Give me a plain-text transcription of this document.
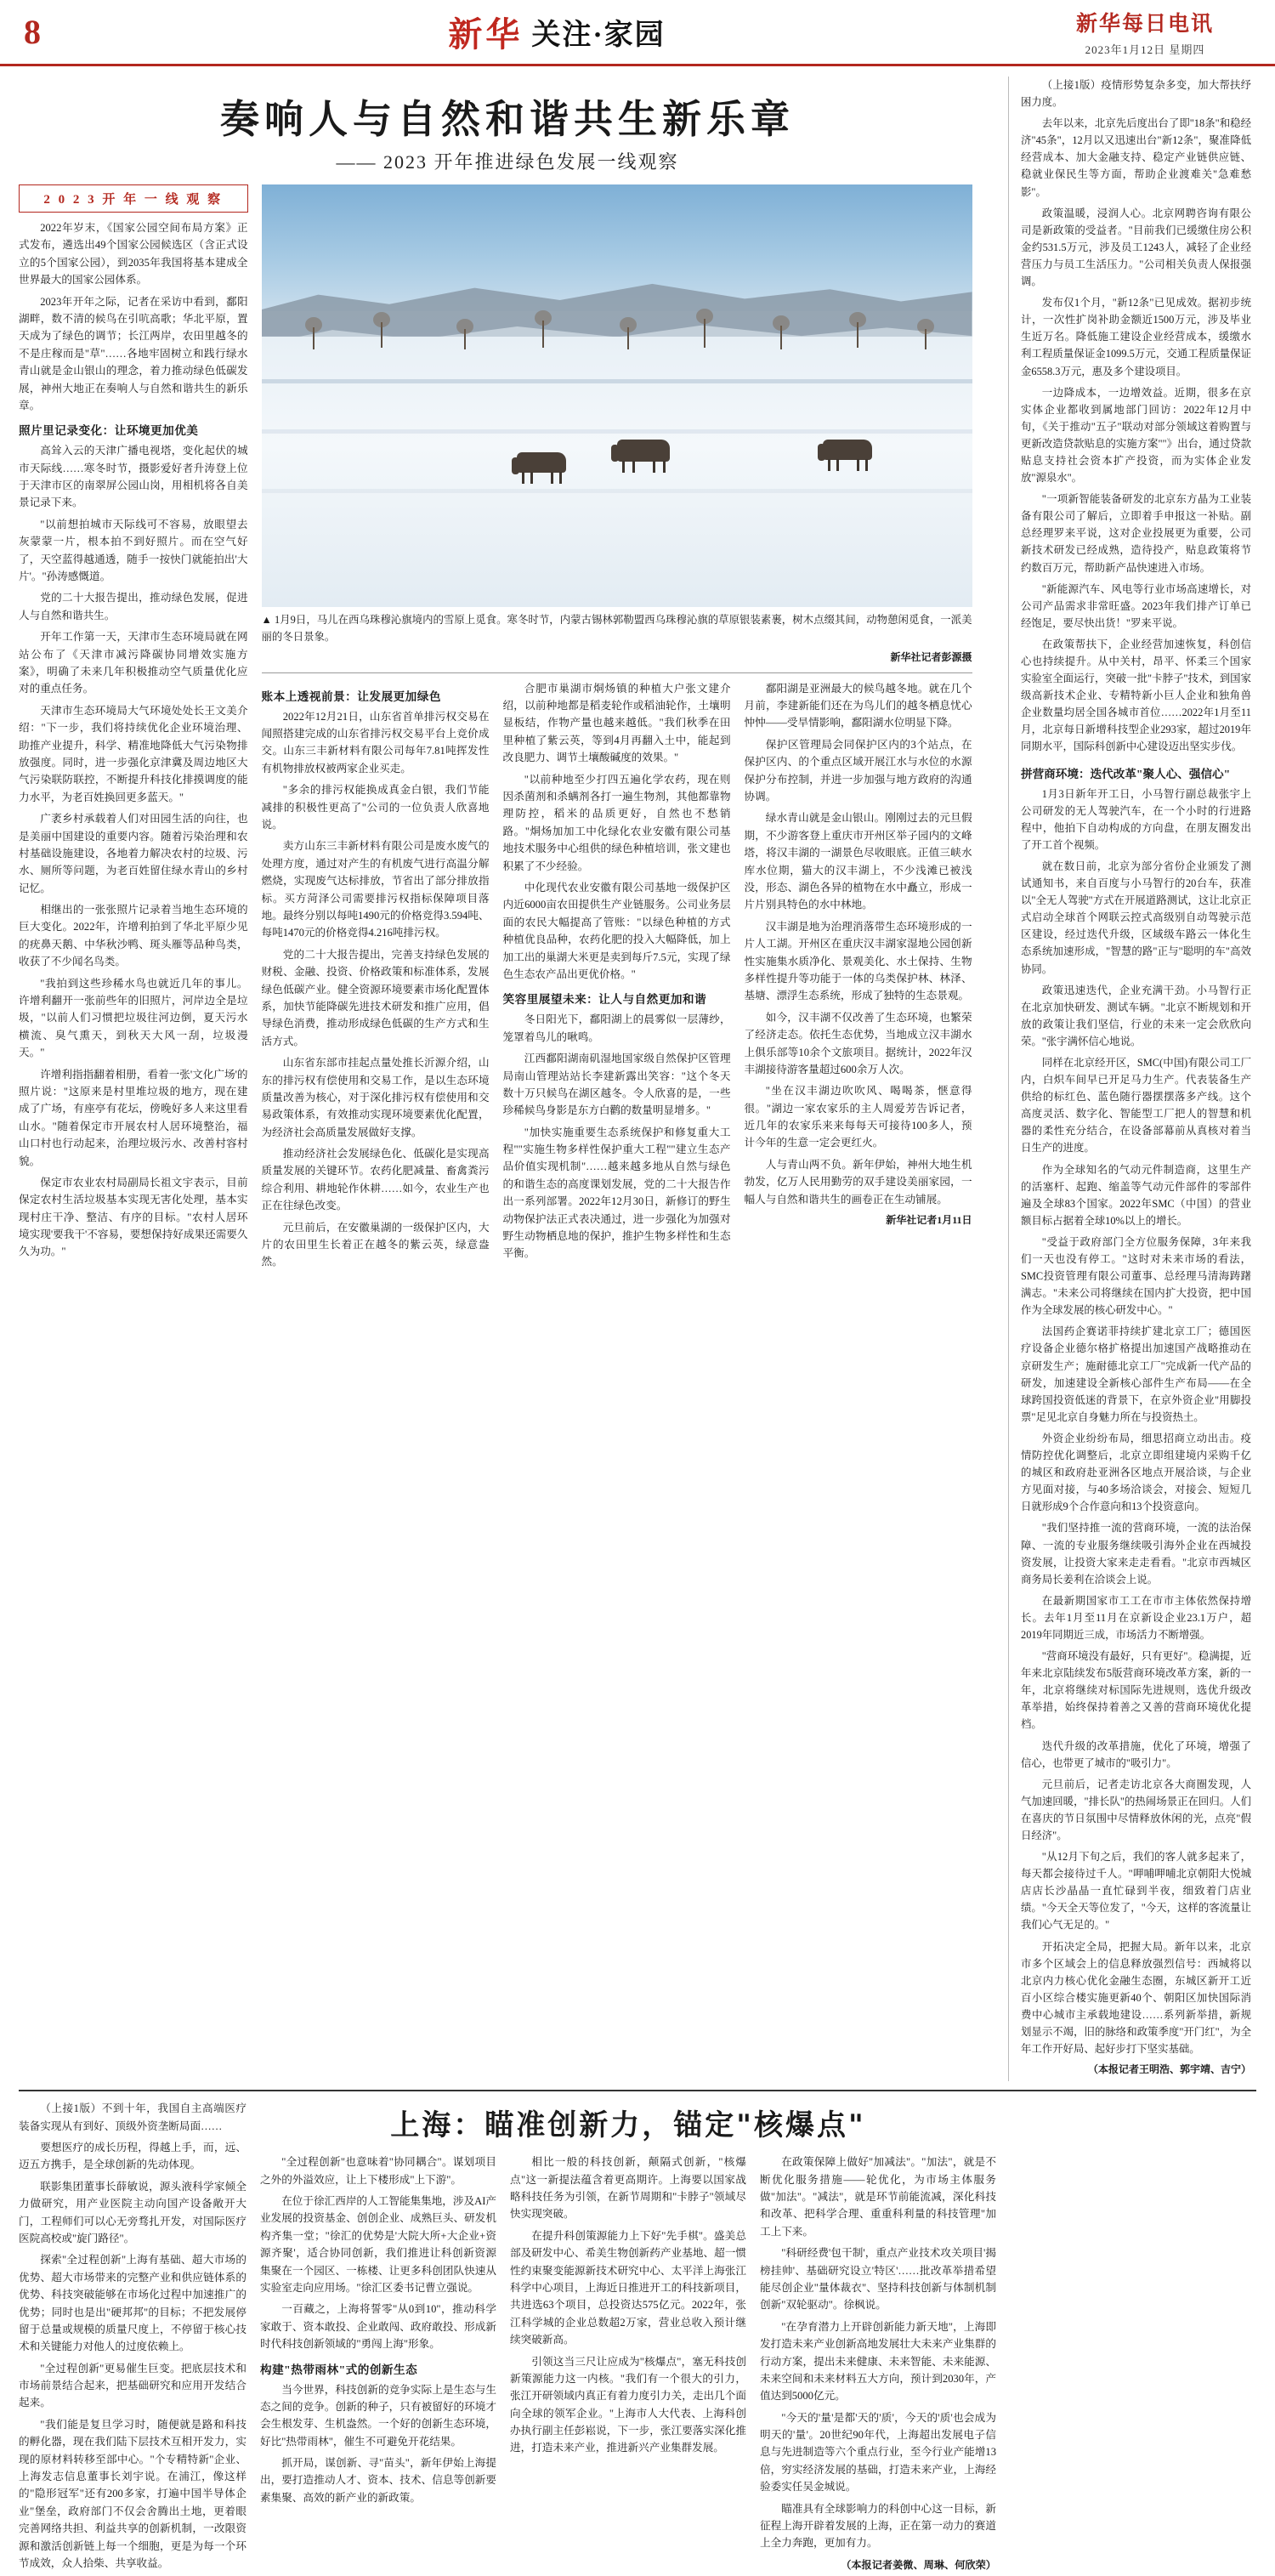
8	新华 关注·家园	新华每日电讯
2023年1月12日 星期四
奏响人与自然和谐共生新乐章
—— 2023 开年推进绿色发展一线观察
2 0 2 3 开 年 一 线 观 察

2022年岁末，《国家公园空间布局方案》正式发布，遴选出49个国家公园候选区（含正式设立的5个国家公园），到2035年我国将基本建成全世界最大的国家公园体系。

2023年开年之际，记者在采访中看到，鄱阳湖畔，数不清的候鸟在引吭高歌；华北平原，置天成为了绿色的调节；长江两岸，农田里越冬的不是庄稼而是"草"……各地牢固树立和践行绿水青山就是金山银山的理念，着力推动绿色低碳发展，神州大地正在奏响人与自然和谐共生的新乐章。

照片里记录变化：让环境更加优美

高耸入云的天津广播电视塔，变化起伏的城市天际线……寒冬时节，摄影爱好者升涛登上位于天津市区的南翠屏公园山岗，用相机将各自美景记录下来。

"以前想拍城市天际线可不容易，放眼望去灰蒙蒙一片，根本拍不到好照片。而在空气好了，天空蓝得越通透，随手一按快门就能拍出'大片'。"孙涛感慨道。

党的二十大报告提出，推动绿色发展，促进人与自然和谐共生。

开年工作第一天，天津市生态环境局就在网站公布了《天津市减污降碳协同增效实施方案》，明确了未来几年积极推动空气质量优化应对的重点任务。

天津市生态环境局大气环境处处长王文美介绍："下一步，我们将持续优化企业环境治理、助推产业提升，科学、精准地降低大气污染物排放强度。同时，进一步强化京津冀及周边地区大气污染联防联控，不断提升科技化排摸调度的能力水平，为老百姓换回更多蓝天。"

广袤乡村承载着人们对田园生活的向往，也是美丽中国建设的重要内容。随着污染治理和农村基础设施建设，各地着力解决农村的垃圾、污水、厕所等问题，为老百姓留住绿水青山的乡村记忆。

相继出的一张张照片记录着当地生态环境的巨大变化。2022年，许增利拍到了华北平原少见的疣鼻天鹅、中华秋沙鸭、斑头雁等品种鸟类，收获了不少闻名鸟类。

"我拍到这些珍稀水鸟也就近几年的事儿。许增利翻开一张前些年的旧照片，河岸边全是垃圾，"以前人们习惯把垃圾往河边倒，夏天污水横流、臭气熏天，到秋天大风一刮，垃圾漫天。"

许增利指指翻着相册，看着一张'文化广场'的照片说："这原来是村里堆垃圾的地方，现在建成了广场，有座亭有花坛，傍晚好多人来这里看山水。"随着保定市开展农村人居环境整治，福山口村也行动起来，治理垃圾污水、改善村容村貌。

保定市农业农村局副局长祖文宇表示，目前保定农村生活垃圾基本实现无害化处理，基本实现村庄干净、整洁、有序的目标。"农村人居环境实现'要我干'不容易，要想保持好成果还需要久久为功。"

▲ 1月9日，马儿在西乌珠穆沁旗境内的雪原上觅食。寒冬时节，内蒙古锡林郭勒盟西乌珠穆沁旗的草原银装素裹，树木点缀其间，动物憩闲觅食，一派美丽的冬日景象。
新华社记者彭源摄
账本上透视前景：让发展更加绿色

2022年12月21日，山东省首单排污权交易在闻照搭建完成的山东省排污权交易平台上竞价成交。山东三丰新材料有限公司每年7.81吨挥发性有机物排放权被两家企业买走。

"多余的排污权能换成真金白银，我们节能减排的积极性更高了"公司的一位负责人欣喜地说。

卖方山东三丰新材料有限公司是废水废气的处理方度，通过对产生的有机废气进行高温分解燃烧，实现废气达标排放，节省出了部分排放指标。买方菏泽公司需要排污权指标保障项目落地。最终分别以每吨1490元的价格竞得3.594吨、每吨1470元的价格竞得4.216吨排污权。

党的二十大报告提出，完善支持绿色发展的财税、金融、投资、价格政策和标准体系，发展绿色低碳产业。健全资源环境要素市场化配置体系，加快节能降碳先进技术研发和推广应用，倡导绿色消费，推动形成绿色低碳的生产方式和生活方式。

山东省东部市挂起点量处推长沂源介绍，山东的排污权有偿使用和交易工作，是以生态环境质量改善为核心，对于深化排污权有偿使用和交易政策体系，有效推动实现环境要素优化配置，为经济社会高质量发展做好支撑。

推动经济社会发展绿色化、低碳化是实现高质量发展的关键环节。农药化肥减量、畜禽粪污综合利用、耕地轮作休耕……如今，农业生产也正在往绿色改变。

元旦前后，在安徽巢湖的一级保护区内，大片的农田里生长着正在越冬的紫云英，绿意盎然。

合肥市巢湖市烔炀镇的种植大户张文建介绍，以前种地都是稻麦轮作或稻油轮作，土壤明显板结，作物产量也越来越低。"我们秋季在田里种植了紫云英，等到4月再翻入土中，能起到改良肥力、调节土壤酸碱度的效果。"

"以前种地至少打四五遍化学农药，现在则因杀菌剂和杀螨剂各打一遍生物剂，其他都靠物理防控，稻米的品质更好，自然也不愁销路。"烔炀加加工中化绿化农业安徽有限公司基地技术服务中心组供的绿色种植培训，张文建也积累了不少经验。

中化现代农业安徽有限公司基地一级保护区内近6000亩农田提供生产业链服务。公司业务层面的农民大幅提高了管账："以绿色种植的方式种植优良品种，农药化肥的投入大幅降低，加上加工出的巢湖大米更是卖到每斤7.5元，实现了绿色生态农产品出更优价格。"

笑容里展望未来：让人与自然更加和谐

冬日阳光下，鄱阳湖上的晨雾似一层薄纱，笼罩着鸟儿的啾鸣。

江西鄱阳湖南矶湿地国家级自然保护区管理局南山管理站站长李建新露出笑容："这个冬天数十万只候鸟在湖区越冬。令人欣喜的是，一些珍稀候鸟身影是东方白鹳的数量明显增多。"

"加快实施重要生态系统保护和修复重大工程""实施生物多样性保护重大工程""建立生态产品价值实现机制"……越来越多地从自然与绿色的和谐生态的高度课划发展，党的二十大报告作出一系列部署。2022年12月30日，新修订的野生动物保护法正式表决通过，进一步强化为加强对野生动物栖息地的保护，推护生物多样性和生态平衡。

鄱阳湖是亚洲最大的候鸟越冬地。就在几个月前，李建新能们还在为鸟儿们的越冬栖息忧心忡忡——受旱情影响，鄱阳湖水位明显下降。

保护区管理局会同保护区内的3个站点，在保护区内、的个重点区域开展江水与水位的水源保护分布控制，并进一步加强与地方政府的沟通协调。

绿水青山就是金山银山。刚刚过去的元旦假期，不少游客登上重庆市开州区举子园内的文峰塔，将汉丰湖的一湖景色尽收眼底。正值三峡水库水位期，猫大的汉丰湖上，不少浅滩已被浅没，形态、湖色各异的植物在水中矗立，形成一片片别具特色的水中林地。

汉丰湖是地为治理消落带生态环境形成的一片人工湖。开州区在重庆汉丰湖家湿地公园创新性实施集水质净化、景观美化、水土保持、生物多样性提升等功能于一体的乌类保护林、林泽、基塘、漂浮生态系统，形成了独特的生态景观。

如今，汉丰湖不仅改善了生态环境，也繁荣了经济走态。依托生态优势，当地成立汉丰湖水上俱乐部等10余个文旅项目。据统计，2022年汉丰湖接待游客量超过600余万人次。

"坐在汉丰湖边吹吹风、喝喝茶，惬意得很。"湖边一家农家乐的主人周爱芳告诉记者，近几年的农家乐来来每每天可接待100多人，预计今年的生意一定会更红火。

人与青山两不负。新年伊始，神州大地生机勃发，亿万人民用勤劳的双手建设美丽家园，一幅人与自然和谐共生的画卷正在生动铺展。

新华社记者1月11日

（上接1版）疫情形势复杂多变，加大帮扶纾困力度。

去年以来，北京先后度出台了即"18条"和稳经济"45条"，12月以又迅速出台"新12条"，聚准降低经营成本、加大金融支持、稳定产业链供应链、稳就业保民生等方面，帮助企业渡难关"急难愁影"。

政策温暖，浸润人心。北京网聘咨询有限公司是新政策的受益者。"目前我们已缓缴住房公积金约531.5万元，涉及员工1243人，减轻了企业经营压力与员工生活压力。"公司相关负责人保报强调。

发布仅1个月，"新12条"已见成效。据初步统计，一次性扩岗补助金额近1500万元，涉及毕业生近万名。降低施工建设企业经营成本，缓缴水利工程质量保证金1099.5万元，交通工程质量保证金6558.3万元，惠及多个建设项目。

一边降成本，一边增效益。近期，很多在京实体企业都收到属地部门回访：2022年12月中旬，《关于推动"五子"联动对部分领域这着购置与更新改造贷款贴息的实施方案""》出台，通过贷款贴息支持社会资本扩产投资，而为实体企业发放"源泉水"。

"一项新智能装备研发的北京东方晶为工业装备有限公司了解后，立即着手申报这一补贴。副总经理罗来平说，这对企业投展更为重要，公司新技术研发已经成熟，造待投产，贴息政策将节约数百万元，帮助新产品快速进入市场。

"新能源汽车、风电等行业市场高速增长，对公司产品需求非常旺盛。2023年我们排产订单已经饱足，要尽快出货！"罗来平说。

在政策帮扶下，企业经营加速恢复，科创信心也持续提升。从中关村，昂平、怀柔三个国家实验室全面运行，突破一批"卡脖子"技术，到国家级高新技术企业、专精特新小巨人企业和独角兽企业数量均居全国各城市首位……2022年1月至11月，北京每日新增科技型企业293家，超过2019年同期水平，国际科创新中心建设迈出坚实步伐。

拼营商环境：迭代改革"聚人心、强信心"

1月3日新年开工日，小马智行副总裁张宇上公司研发的无人驾驶汽车，在一个小时的行进路程中，他拍下自动构成的方向盘，在朋友圈发出了开工首个视频。

就在数日前，北京为部分省份企业颁发了测试通知书，来自百度与小马智行的20台车，获准以"全无人驾驶"方式在开展道路测试，这让北京正式启动全球首个网联云控式高级别自动驾驶示范区建设，经过迭代升级，区域级车路云一体化生态系统加速形成，"智慧的路"正与"聪明的车"高效协同。

政策迅速迭代，企业充满干劲。小马智行正在北京加快研发、测试车辆。"北京不断规划和开放的政策让我们坚信，行业的未来一定会欣欣向荣。"张宇满怀信心地说。

同样在北京经开区，SMC(中国)有限公司工厂内，白炽车间早已开足马力生产。代表装备生产供给的标红色、蓝色随行器摆摆落多产线。这个高度灵活、数字化、智能型工厂把人的智慧和机器的柔性充分结合，在设备部幕前从真核对着当日生产的进度。

作为全球知名的气动元件制造商，这里生产的活塞杆、起跑、缩盖等气动元件部件的零部件遍及全球83个国家。2022年SMC（中国）的营业额目标占据着全球10%以上的增长。

"受益于政府部门全方位服务保障，3年来我们一天也没有停工。"这时对未来市场的看法，SMC投资管理有限公司董事、总经理马清海踌躇满志。"未来公司将继续在国内扩大投资，把中国作为全球发展的核心研发中心。"

法国药企赛诺菲持续扩建北京工厂；德国医疗设备企业德尔格扩格提出加速国产战略推动在京研发生产；施耐德北京工厂"完成新一代产品的研发，加速建设全新核心部件生产布局——在全球跨国投资低迷的背景下，在京外资企业"用脚投票"足见北京自身魅力所在与投资热土。

外资企业纷纷布局，细思招商立动出击。疫情防控优化调整后，北京立即组建境内采购千亿的城区和政府赴亚洲各区地点开展洽谈，与企业方见面对接，与40多场洽谈会，对接会、短短几日就形成9个合作意向和13个投资意向。

"我们坚持推一流的营商环境，一流的法治保障、一流的专业服务继续吸引海外企业在西城投资发展，让投资大家来走走看看。"北京市西城区商务局长姜利在洽谈会上说。

在最新期国家市工工在市市主体依然保持增长。去年1月至11月在京新设企业23.1万户，超2019年同期近三成，市场活力不断增强。

"营商环境没有最好，只有更好"。稳满提，近年来北京陆续发布5版营商环境改革方案，新的一年，北京将继续对标国际先进规则，选优升级改革举措，始终保持着善之又善的营商环境优化提档。

迭代升级的改革措施，优化了环境，增强了信心，也带更了城市的"吸引力"。

元旦前后，记者走访北京各大商圈发现，人气加速回暖，"排长队"的热闹场景正在回归。人们在喜庆的节日氛围中尽情释放休闲的光，点亮"假日经济"。

"从12月下旬之后，我们的客人就多起来了，每天都会接待过千人。"呷哺呷哺北京朝阳大悦城店店长沙晶晶一直忙碌到半夜，细致着门店业绩。"今天全天等位发了，"今天，这样的客流量让我们心气无足的。"

开拓决定全局，把握大局。新年以来，北京市多个区域会上的信息释放强烈信号：西城将以北京内力核心优化金融生态圈，东城区新开工近百小区综合楼实施更新40个、朝阳区加快国际消费中心城市主承载地建设……系列新举措，新规划显示不竭，旧的脉络和政策季度"开门红"，为全年工作开好局、起好步打下坚实基础。

（本报记者王明浩、郭宇靖、吉宁）

（上接1版）不到十年，我国自主高端医疗装备实现从有到好、顶级外资垄断局面……

要想医疗的成长历程，得越上手，而，远、迈五方携手，是全球创新的先动体现。

联影集团董事长薛敏说，源头液科学家倾全力做研究，用产业医院主动向国产设备敞开大门，工程师们可以心无旁骛扎开发，对国际医疗医院高校或"旋门路径"。

探索"全过程创新"上海有基础、超大市场的优势、超大市场带来的完整产业和供应链体系的优势、科技突破能够在市场化过程中加速推广的优势；同时也是出"硬邦邦"的目标；不把发展停留于总量或规模的质量尺度上，不停留于核心技术和关键能力对他人的过度依赖上。

"全过程创新"更易催生巨变。把底层技术和市场前景结合起来，把基础研究和应用开发结合起来。

"我们能是复旦学习时，随便就是路和科技的孵化器，现在我们陆下层技术互相开发力，实现的原材料转移至部中心。"个专精特新"企业、上海发志信息董事长刘宇说。在浦江，像这样的"隐形冠军"还有200多家，打遍中国半导体企业"堡垒，政府部门不仅会舍腾出土地，更着眼完善网络共担、利益共享的创新机制，一改限资源和激活创新链上每一个细胞，更是为每一个环节成效，众人拾柴、共享收益。

上海：瞄准创新力，锚定"核爆点"

"全过程创新"也意味着"协同耦合"。谋划项目之外的外溢效应，让上下楼形成"上下游"。

在位于徐汇西岸的人工智能集集地，涉及AI产业发展的投资基金、创创企业、成熟巨头、研发机构齐集一堂；"徐汇的优势是'大院大所+大企业+资源齐聚'，适合协同创新，我们推进让科创新资源集聚在一个园区、一栋楼、让更多科创团队快速从实验室走向应用场。"徐汇区委书记曹立强说。

一百藏之，上海将誓零"从0到10"，推动科学家敢于、资本敢投、企业敢闯、政府敢投、形成新时代科技创新领域的"勇闯上海"形象。

构建"热带雨林"式的创新生态

当今世界，科技创新的竞争实际上是生态与生态之间的竞争。创新的种子，只有被留好的环境才会生根发芽、生机盎然。一个好的创新生态环境，好比"热带雨林"，催生不可避免开花结果。

抓开局，谋创新、寻"苗头"，新年伊始上海提出，要打造推动人才、资本、技术、信息等创新要素集聚、高效的新产业的新政策。

相比一般的科技创新，颠隔式创新，"核爆点"这一新提法蕴含着更高期许。上海要以国家战略科技任务为引领，在新节周期和"卡脖子"领域尽快实现突破。

在提升科创策源能力上下好"先手棋"。盛美总部及研发中心、希美生物创新药产业基地、超一惯性约束聚变能源新技术研究中心、太平洋上海张江科学中心项目，上海近日推进开工的科技新项目，共进选63个项目，总投资达575亿元。2022年，张江科学城的企业总数超2万家，营业总收入预计继续突破新高。

引领这当三尺让应成为"核爆点"，塞无科技创新策源能力这一内核。"我们有一个很大的引力，张江开研领域内真正有着力度引力关，走出几个面向全球的领军企业。"上海市人大代表、上海科创办执行副主任彭崧说，下一步，张江要落实深化推进，打造未来产业，推进新兴产业集群发展。

在政策保障上做好"加减法"。"加法"，就是不断优化服务措施——轮优化，为市场主体服务做"加法"。"减法"，就是环节前能流减，深化科技和改革、把科学合理、重重科利量的科技管理"加工上下来。

"科研经费'包干制'，重点产业技术攻关项目'揭榜挂帅'、基础研究设立'特区'……批改革举措希望能尽创企业"量体裁衣"、坚持科技创新与体制机制创新"双轮驱动"。徐枫说。

"在孕育潜力上开辟创新能力新天地"，上海即发打造未来产业创新高地发展壮大未来产业集群的行动方案，提出未来健康、未来智能、未来能源、未来空间和未来材料五大方向，预计到2030年，产值达到5000亿元。

"今天的'量'是都'天的'质'，今天的'质'也会成为明天的'量'。20世纪90年代，上海超出发展电子信息与先进制造等六个重点行业，至今行业产能增13倍，穷实经济发展的基础，打造未来产业，上海经验委实任吴金城说。

瞄准具有全球影响力的科创中心这一目标，新征程上海开辟着发展的上海，正在第一动力的赛道上全力奔跑，更加有力。

（本报记者姜微、周琳、何欣荣）
